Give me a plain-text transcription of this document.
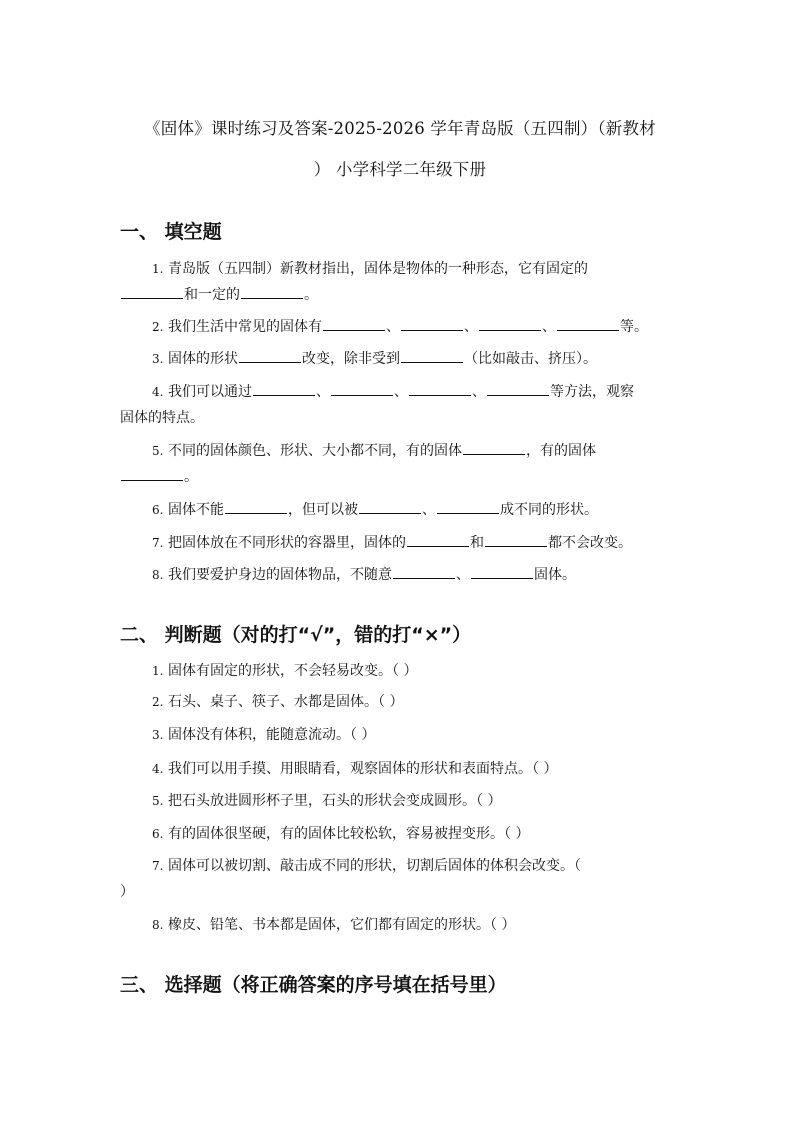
《固体》课时练习及答案-2025-2026 学年青岛版（五四制）（新教材
） 小学科学二年级下册
一、 填空题
1. 青岛版（五四制）新教材指出，固体是物体的一种形态，它有固定的
和一定的	。
2. 我们生活中常见的固体有	、	、	、	等。
3. 固体的形状	改变，除非受到	（比如敲击、挤压）。
4. 我们可以通过	、	、	、	等方法，观察
固体的特点。
5. 不同的固体颜色、形状、大小都不同，有的固体	，有的固体
。
6. 固体不能	，但可以被	、	成不同的形状。
7. 把固体放在不同形状的容器里，固体的	和	都不会改变。
8. 我们要爱护身边的固体物品，不随意	、	固体。
二、 判断题（对的打“√”，错的打“×”）
1. 固体有固定的形状，不会轻易改变。（ ）
2. 石头、桌子、筷子、水都是固体。（ ）
3. 固体没有体积，能随意流动。（ ）
4. 我们可以用手摸、用眼睛看，观察固体的形状和表面特点。（ ）
5. 把石头放进圆形杯子里，石头的形状会变成圆形。（ ）
6. 有的固体很坚硬，有的固体比较松软，容易被捏变形。（ ）
7. 固体可以被切割、敲击成不同的形状，切割后固体的体积会改变。（
）
8. 橡皮、铅笔、书本都是固体，它们都有固定的形状。（ ）
三、 选择题（将正确答案的序号填在括号里）
